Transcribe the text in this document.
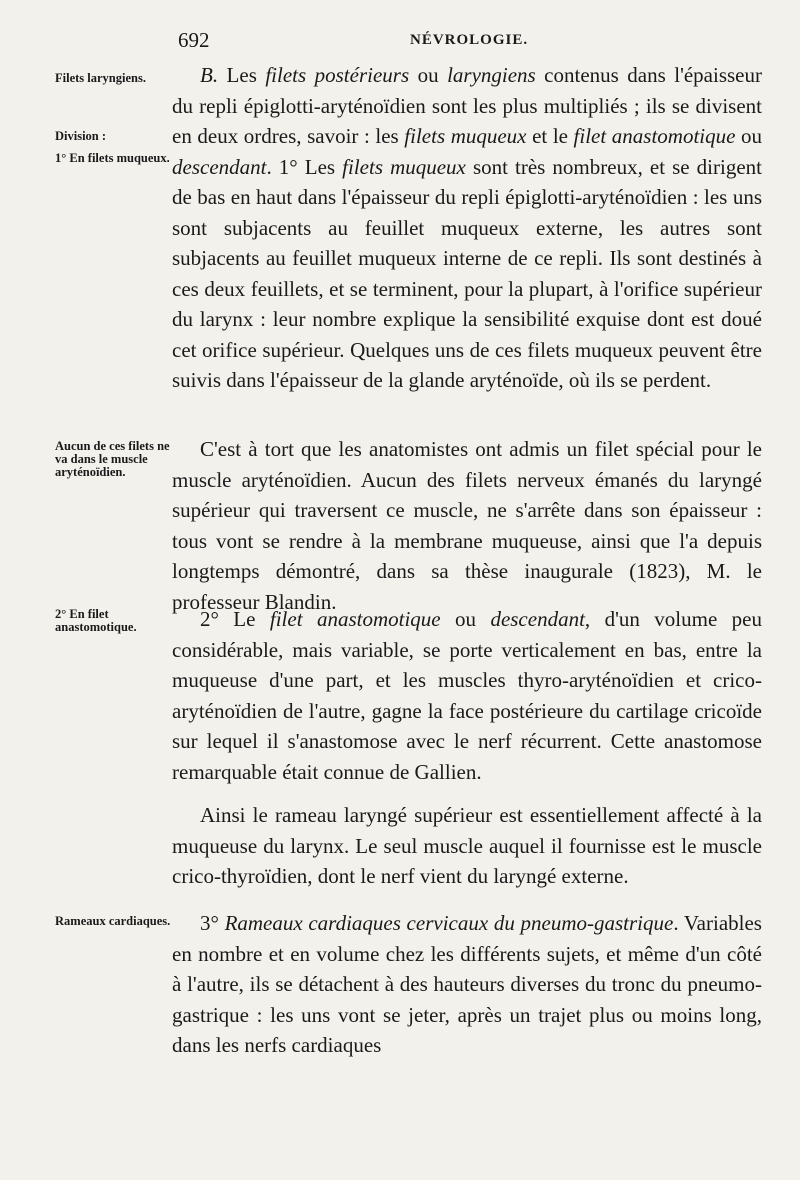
692	NÉVROLOGIE.
Filets laryngiens.
Division :
1° En filets muqueux.
Aucun de ces filets ne va dans le muscle aryténoïdien.
2° En filet anastomotique.
Rameaux cardiaques.

B. Les filets postérieurs ou laryngiens contenus dans l'épaisseur du repli épiglotti-aryténoïdien sont les plus multipliés ; ils se divisent en deux ordres, savoir : les filets muqueux et le filet anastomotique ou descendant. 1° Les filets muqueux sont très nombreux, et se dirigent de bas en haut dans l'épaisseur du repli épiglotti-aryténoïdien : les uns sont subjacents au feuillet muqueux externe, les autres sont subjacents au feuillet muqueux interne de ce repli. Ils sont destinés à ces deux feuillets, et se terminent, pour la plupart, à l'orifice supérieur du larynx : leur nombre explique la sensibilité exquise dont est doué cet orifice supérieur. Quelques uns de ces filets muqueux peuvent être suivis dans l'épaisseur de la glande aryténoïde, où ils se perdent.

C'est à tort que les anatomistes ont admis un filet spécial pour le muscle aryténoïdien. Aucun des filets nerveux émanés du laryngé supérieur qui traversent ce muscle, ne s'arrête dans son épaisseur : tous vont se rendre à la membrane muqueuse, ainsi que l'a depuis longtemps démontré, dans sa thèse inaugurale (1823), M. le professeur Blandin.

2° Le filet anastomotique ou descendant, d'un volume peu considérable, mais variable, se porte verticalement en bas, entre la muqueuse d'une part, et les muscles thyro-aryténoïdien et crico-aryténoïdien de l'autre, gagne la face postérieure du cartilage cricoïde sur lequel il s'anastomose avec le nerf récurrent. Cette anastomose remarquable était connue de Gallien.

Ainsi le rameau laryngé supérieur est essentiellement affecté à la muqueuse du larynx. Le seul muscle auquel il fournisse est le muscle crico-thyroïdien, dont le nerf vient du laryngé externe.

3° Rameaux cardiaques cervicaux du pneumo-gastrique. Variables en nombre et en volume chez les différents sujets, et même d'un côté à l'autre, ils se détachent à des hauteurs diverses du tronc du pneumo-gastrique : les uns vont se jeter, après un trajet plus ou moins long, dans les nerfs cardiaques
